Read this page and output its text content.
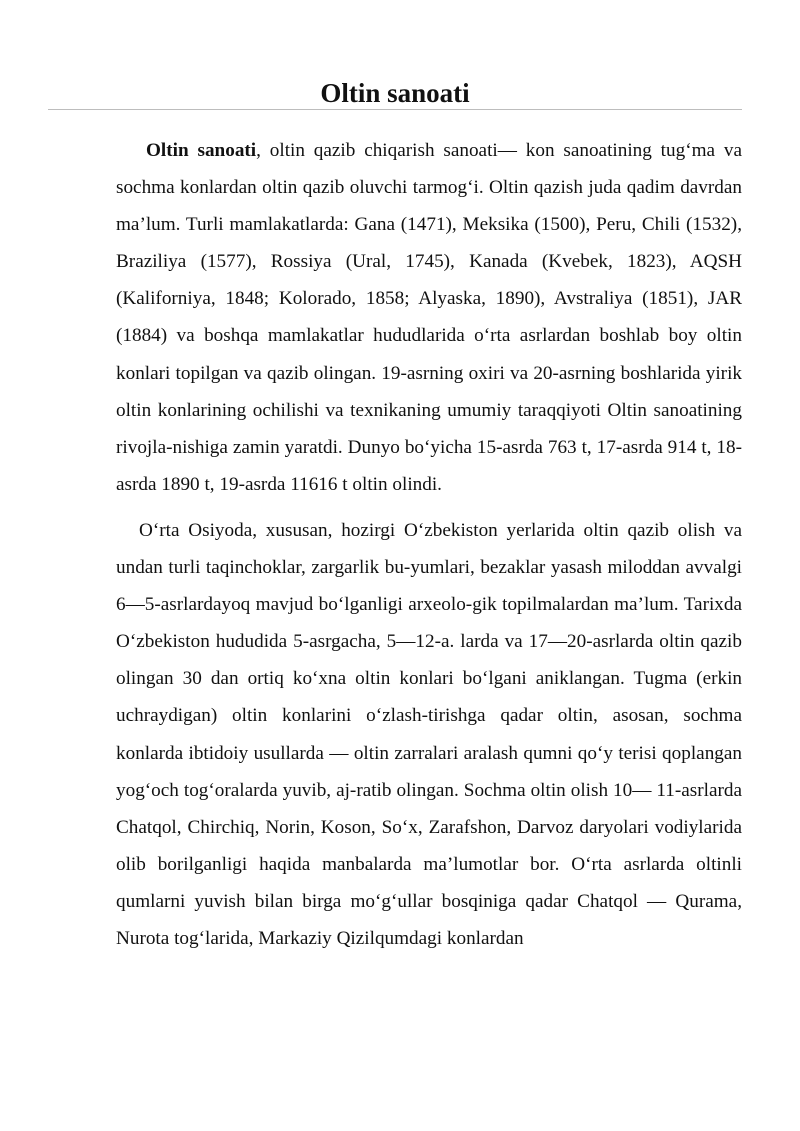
Oltin sanoati

Oltin sanoati, oltin qazib chiqarish sanoati— kon sanoatining tug‘ma va sochma konlardan oltin qazib oluvchi tarmog‘i. Oltin qazish juda qadim davrdan ma’lum. Turli mamlakatlarda: Gana (1471), Meksika (1500), Peru, Chili (1532), Braziliya (1577), Rossiya (Ural, 1745), Kanada (Kvebek, 1823), AQSH (Kaliforniya, 1848; Kolorado, 1858; Alyaska, 1890), Avstraliya (1851), JAR (1884) va boshqa mamlakatlar hududlarida o‘rta asrlardan boshlab boy oltin konlari topilgan va qazib olingan. 19-asrning oxiri va 20-asrning boshlarida yirik oltin konlarining ochilishi va texnikaning umumiy taraqqiyoti Oltin sanoatining rivojla-nishiga zamin yaratdi. Dunyo bo‘yicha 15-asrda 763 t, 17-asrda 914 t, 18-asrda 1890 t, 19-asrda 11616 t oltin olindi.

O‘rta Osiyoda, xususan, hozirgi O‘zbekiston yerlarida oltin qazib olish va undan turli taqinchoklar, zargarlik bu-yumlari, bezaklar yasash miloddan avvalgi 6—5-asrlardayoq mavjud bo‘lganligi arxeolo-gik topilmalardan ma’lum. Tarixda O‘zbekiston hududida 5-asrgacha, 5—12-a. larda va 17—20-asrlarda oltin qazib olingan 30 dan ortiq ko‘xna oltin konlari bo‘lgani aniklangan. Tugma (erkin uchraydigan) oltin konlarini o‘zlash-tirishga qadar oltin, asosan, sochma konlarda ibtidoiy usullarda — oltin zarralari aralash qumni qo‘y terisi qoplangan yog‘och tog‘oralarda yuvib, aj-ratib olingan. Sochma oltin olish 10— 11-asrlarda Chatqol, Chirchiq, Norin, Koson, So‘x, Zarafshon, Darvoz daryolari vodiylarida olib borilganligi haqida manbalarda ma’lumotlar bor. O‘rta asrlarda oltinli qumlarni yuvish bilan birga mo‘g‘ullar bosqiniga qadar Chatqol — Qurama, Nurota tog‘larida, Markaziy Qizilqumdagi konlardan
